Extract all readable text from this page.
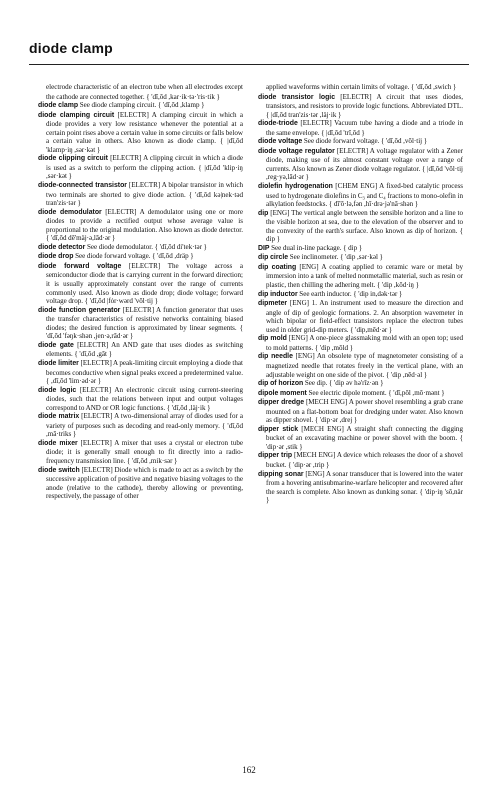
diode clamp

electrode characteristic of an electron tube when all electrodes except the cathode are connected together. { 'dī,ōd ,kar·ik·tə·'ris·tik }

diode clamp See diode clamping circuit. { 'dī,ōd ,klamp }

diode clamping circuit [ELECTR] A clamping circuit in which a diode provides a very low resistance whenever the potential at a certain point rises above a certain value in some circuits or falls below a certain value in others. Also known as diode clamp. { |dī,ōd 'klamp·iŋ ,sər·kət }

diode clipping circuit [ELECTR] A clipping circuit in which a diode is used as a switch to perform the clipping action. { |dī,ōd 'klip·iŋ ,sər·kət }

diode-connected transistor [ELECTR] A bipolar transistor in which two terminals are shorted to give diode action. { 'dī,ōd kə|nek·təd tran'zis·tər }

diode demodulator [ELECTR] A demodulator using one or more diodes to provide a rectified output whose average value is proportional to the original modulation. Also known as diode detector. { 'dī,ōd dē'mäj·ə,lād·ər }

diode detector See diode demodulator. { 'dī,ōd di'tek·tər }

diode drop See diode forward voltage. { 'dī,ōd ,dräp }

diode forward voltage [ELECTR] The voltage across a semiconductor diode that is carrying current in the forward direction; it is usually approximately constant over the range of currents commonly used. Also known as diode drop; diode voltage; forward voltage drop. { 'dī,ōd |fȯr·wərd 'vōl·tij }

diode function generator [ELECTR] A function generator that uses the transfer characteristics of resistive networks containing biased diodes; the desired function is approximated by linear segments. { 'dī,ōd 'fəŋk·shən ,jen·ə,rād·ər }

diode gate [ELECTR] An AND gate that uses diodes as switching elements. { 'dī,ōd ,gāt }

diode limiter [ELECTR] A peak-limiting circuit employing a diode that becomes conductive when signal peaks exceed a predetermined value. { ,dī,ōd 'lim·əd·ər }

diode logic [ELECTR] An electronic circuit using current-steering diodes, such that the relations between input and output voltages correspond to AND or OR logic functions. { 'dī,ōd ,läj·ik }

diode matrix [ELECTR] A two-dimensional array of diodes used for a variety of purposes such as decoding and read-only memory. { 'dī,ōd ,mā·triks }

diode mixer [ELECTR] A mixer that uses a crystal or electron tube diode; it is generally small enough to fit directly into a radio-frequency transmission line. { 'dī,ōd ,mik·sər }

diode switch [ELECTR] Diode which is made to act as a switch by the successive application of positive and negative biasing voltages to the anode (relative to the cathode), thereby allowing or preventing, respectively, the passage of other

applied waveforms within certain limits of voltage. { 'dī,ōd ,swich }

diode transistor logic [ELECTR] A circuit that uses diodes, transistors, and resistors to provide logic functions. Abbreviated DTL. { |dī,ōd tran'zis·tər ,läj·ik }

diode-triode [ELECTR] Vacuum tube having a diode and a triode in the same envelope. { |dī,ōd 'trī,ōd }

diode voltage See diode forward voltage. { 'dī,ōd ,vōl·tij }

diode voltage regulator [ELECTR] A voltage regulator with a Zener diode, making use of its almost constant voltage over a range of currents. Also known as Zener diode voltage regulator. { |dī,ōd 'vōl·tij ,reg·yə,lād·ər }

diolefin hydrogenation [CHEM ENG] A fixed-bed catalytic process used to hydrogenate diolefins in C₃ and C₄ fractions to mono-olefin in alkylation feedstocks. { dī'ō·lə,fən ,hī·drə·jə'nā·shən }

dip [ENG] The vertical angle between the sensible horizon and a line to the visible horizon at sea, due to the elevation of the observer and to the convexity of the earth's surface. Also known as dip of horizon. { dip }

DIP See dual in-line package. { dip }

dip circle See inclinometer. { 'dip ,sər·kəl }

dip coating [ENG] A coating applied to ceramic ware or metal by immersion into a tank of melted nonmetallic material, such as resin or plastic, then chilling the adhering melt. { 'dip ,kōd·iŋ }

dip inductor See earth inductor. { 'dip in,dək·tər }

dipmeter [ENG] 1. An instrument used to measure the direction and angle of dip of geologic formations. 2. An absorption wavemeter in which bipolar or field-effect transistors replace the electron tubes used in older grid-dip meters. { 'dip,mēd·ər }

dip mold [ENG] A one-piece glassmaking mold with an open top; used to mold patterns. { 'dip ,mōld }

dip needle [ENG] An obsolete type of magnetometer consisting of a magnetized needle that rotates freely in the vertical plane, with an adjustable weight on one side of the pivot. { 'dip ,nēd·əl }

dip of horizon See dip. { 'dip əv hə'rīz·ən }

dipole moment See electric dipole moment. { 'dī,pōl ,mō·mənt }

dipper dredge [MECH ENG] A power shovel resembling a grab crane mounted on a flat-bottom boat for dredging under water. Also known as dipper shovel. { 'dip·ər ,drej }

dipper stick [MECH ENG] A straight shaft connecting the digging bucket of an excavating machine or power shovel with the boom. { 'dip·ər ,stik }

dipper trip [MECH ENG] A device which releases the door of a shovel bucket. { 'dip·ər ,trip }

dipping sonar [ENG] A sonar transducer that is lowered into the water from a hovering antisubmarine-warfare helicopter and recovered after the search is complete. Also known as dunking sonar. { 'dip·iŋ 'sō,när }

162
